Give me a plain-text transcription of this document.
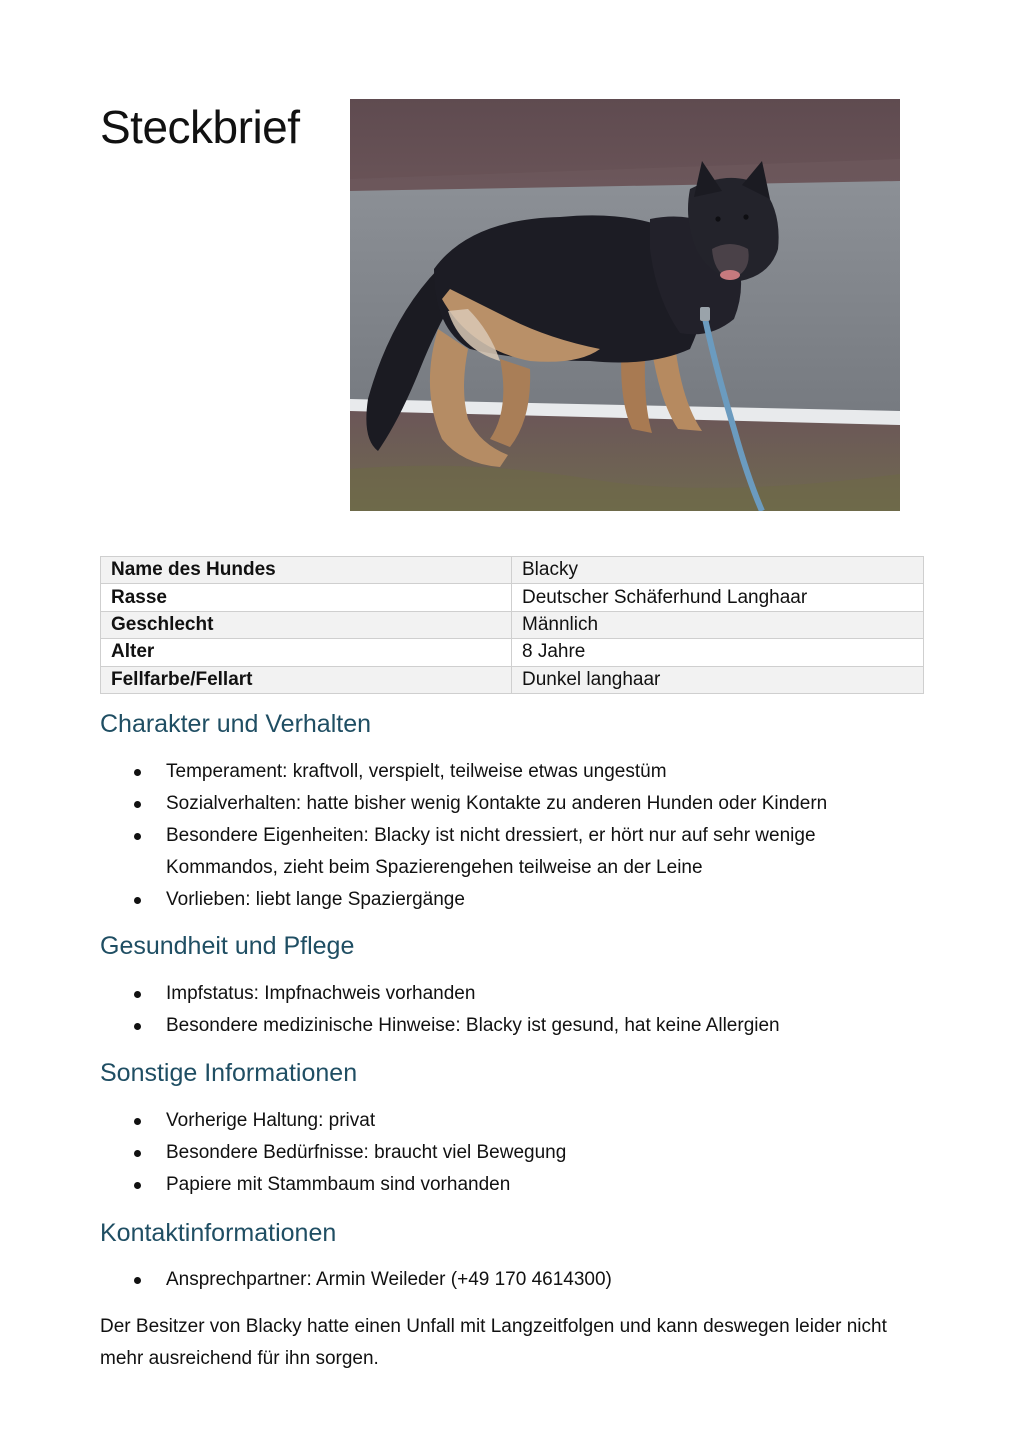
Steckbrief
Name des Hundes	Blacky
Rasse	Deutscher Schäferhund Langhaar
Geschlecht	Männlich
Alter	8 Jahre
Fellfarbe/Fellart	Dunkel langhaar
Charakter und Verhalten
Temperament: kraftvoll, verspielt, teilweise etwas ungestüm
Sozialverhalten: hatte bisher wenig Kontakte zu anderen Hunden oder Kindern
Besondere Eigenheiten: Blacky ist nicht dressiert, er hört nur auf sehr wenige Kommandos, zieht beim Spazierengehen teilweise an der Leine
Vorlieben: liebt lange Spaziergänge
Gesundheit und Pflege
Impfstatus: Impfnachweis vorhanden
Besondere medizinische Hinweise: Blacky ist gesund, hat keine Allergien
Sonstige Informationen
Vorherige Haltung: privat
Besondere Bedürfnisse: braucht viel Bewegung
Papiere mit Stammbaum sind vorhanden
Kontaktinformationen
Ansprechpartner: Armin Weileder (+49 170 4614300)

Der Besitzer von Blacky hatte einen Unfall mit Langzeitfolgen und kann deswegen leider nicht mehr ausreichend für ihn sorgen.
